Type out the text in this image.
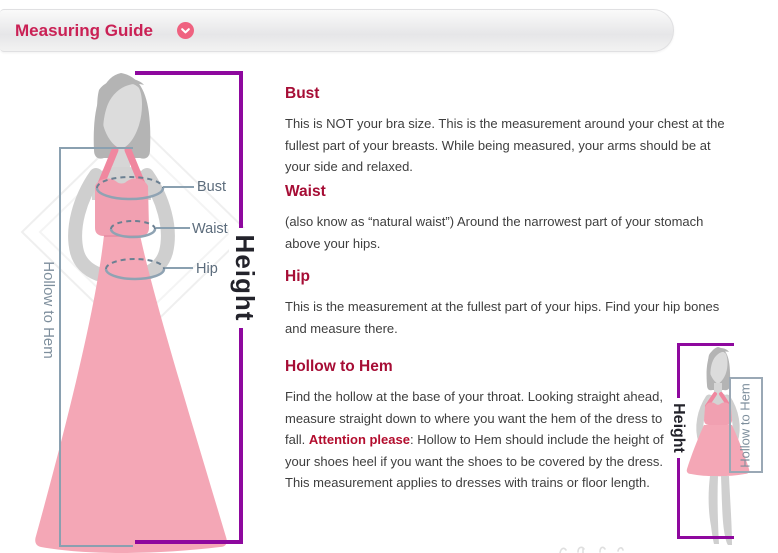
Measuring Guide
Height
Hollow to Hem
Bust
Waist
Hip
Bust

This is NOT your bra size. This is the measurement around your chest at the fullest part of your breasts. While being measured, your arms should be at your side and relaxed.

Waist

(also know as “natural waist”) Around the narrowest part of your stomach above your hips.

Hip

This is the measurement at the fullest part of your hips. Find your hip bones and measure there.

Hollow to Hem

Find the hollow at the base of your throat. Looking straight ahead, measure straight down to where you want the hem of the dress to fall. Attention please: Hollow to Hem should include the height of your shoes heel if you want the shoes to be covered by the dress. This measurement applies to dresses with trains or floor length.

Height	Hollow to Hem
